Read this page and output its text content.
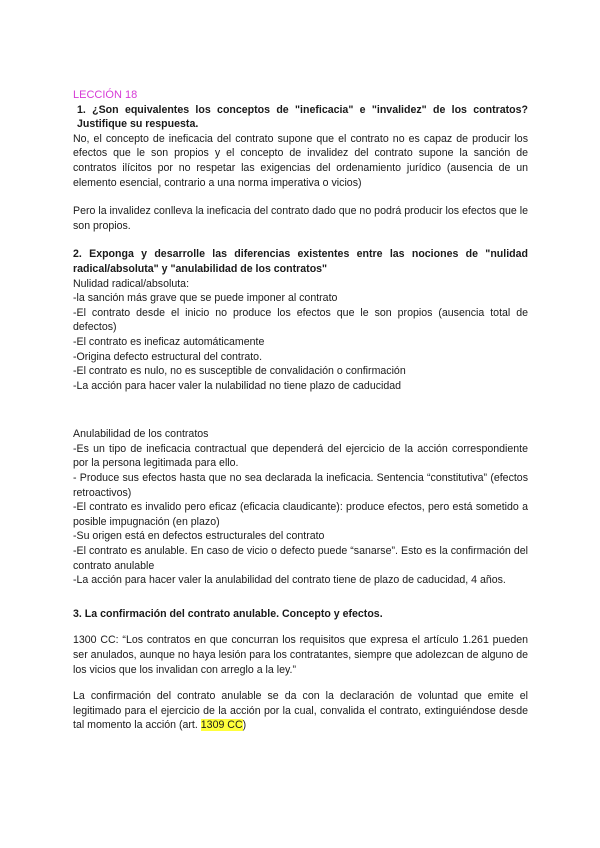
LECCIÓN 18

1. ¿Son equivalentes los conceptos de "ineficacia" e "invalidez" de los contratos? Justifique su respuesta.

No, el concepto de ineficacia del contrato supone que el contrato no es capaz de producir los efectos que le son propios y el concepto de invalidez del contrato supone la sanción de contratos ilícitos por no respetar las exigencias del ordenamiento jurídico (ausencia de un elemento esencial, contrario a una norma imperativa o vicios)

Pero la invalidez conlleva la ineficacia del contrato dado que no podrá producir los efectos que le son propios.

2. Exponga y desarrolle las diferencias existentes entre las nociones de "nulidad radical/absoluta" y "anulabilidad de los contratos"

Nulidad radical/absoluta:

-la sanción más grave que se puede imponer al contrato

-El contrato desde el inicio no produce los efectos que le son propios (ausencia total de defectos)

-El contrato es ineficaz automáticamente

-Origina defecto estructural del contrato.

-El contrato es nulo, no es susceptible de convalidación o confirmación

-La acción para hacer valer la nulabilidad no tiene plazo de caducidad

Anulabilidad de los contratos

-Es un tipo de ineficacia contractual que dependerá del ejercicio de la acción correspondiente por la persona legitimada para ello.

- Produce sus efectos hasta que no sea declarada la ineficacia. Sentencia “constitutiva” (efectos retroactivos)

-El contrato es invalido pero eficaz (eficacia claudicante): produce efectos, pero está sometido a posible impugnación (en plazo)

-Su origen está en defectos estructurales del contrato

-El contrato es anulable. En caso de vicio o defecto puede “sanarse”. Esto es la confirmación del contrato anulable

-La acción para hacer valer la anulabilidad del contrato tiene de plazo de caducidad, 4 años.

3. La confirmación del contrato anulable. Concepto y efectos.

1300 CC: “Los contratos en que concurran los requisitos que expresa el artículo 1.261 pueden ser anulados, aunque no haya lesión para los contratantes, siempre que adolezcan de alguno de los vicios que los invalidan con arreglo a la ley.”

La confirmación del contrato anulable se da con la declaración de voluntad que emite el legitimado para el ejercicio de la acción por la cual, convalida el contrato, extinguiéndose desde tal momento la acción (art. 1309 CC)
